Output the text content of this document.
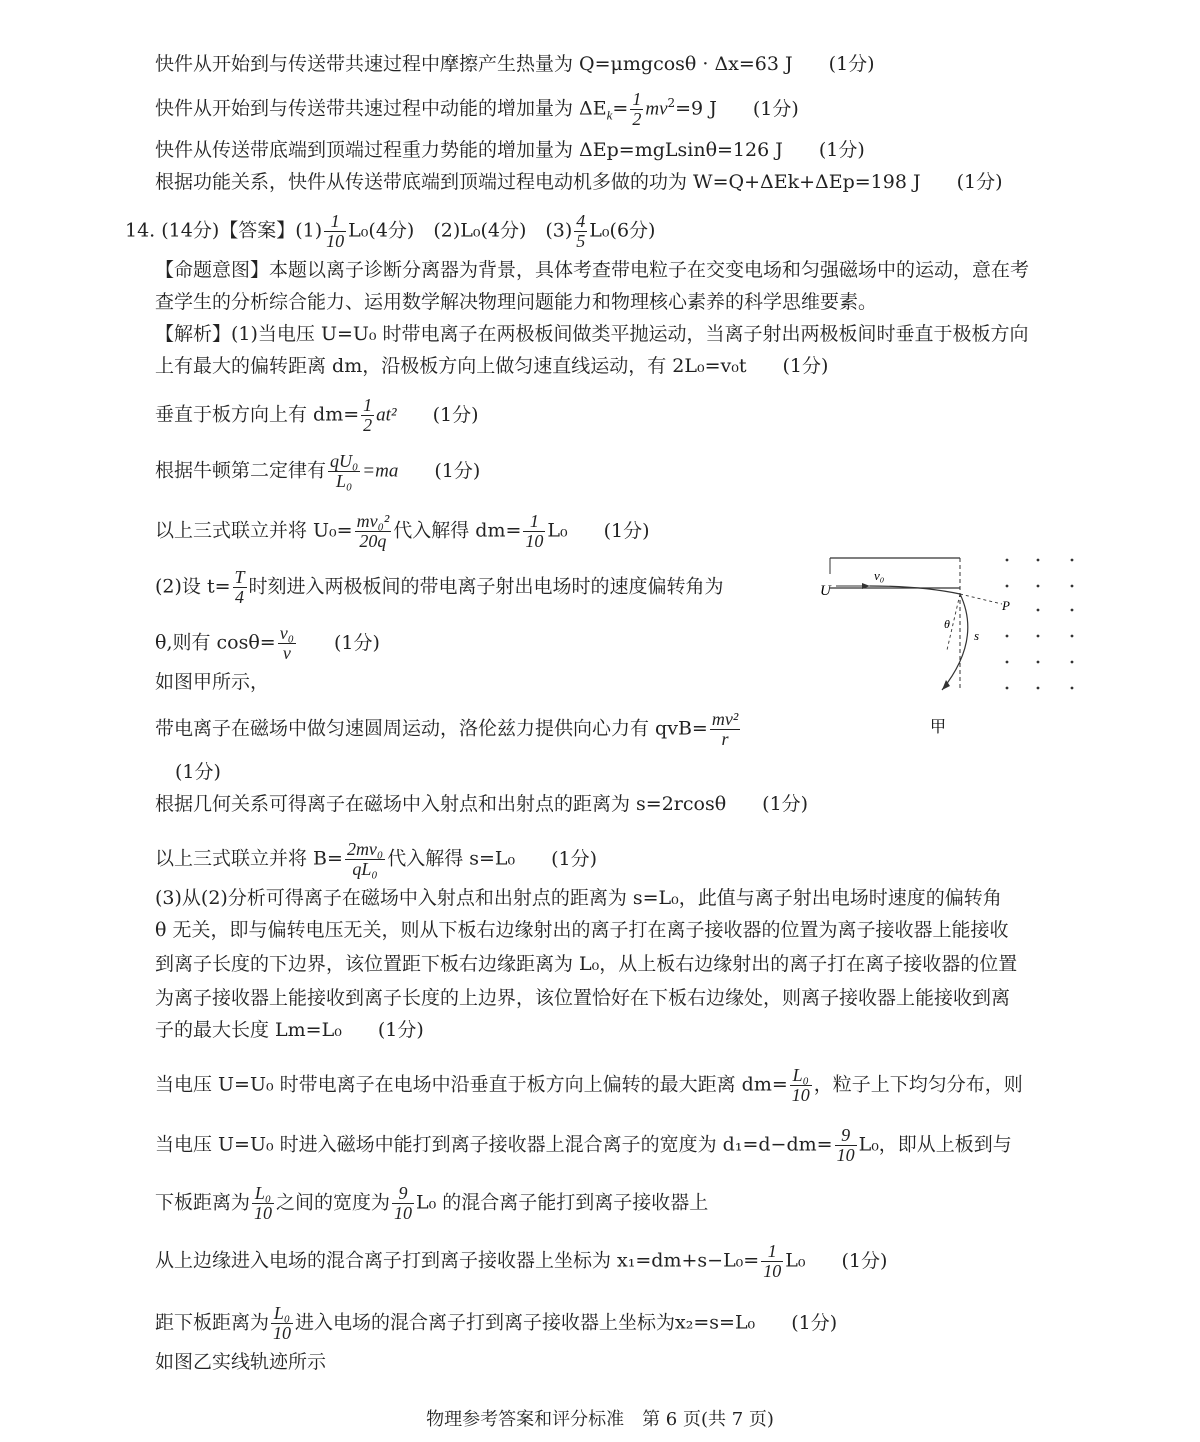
快件从开始到与传送带共速过程中摩擦产生热量为 Q=μmgcosθ · Δx=63 J (1分)
快件从开始到与传送带共速过程中动能的增加量为 $\Delta E_k= \frac{1}{2} mv^2=9$ J (1分)
快件从传送带底端到顶端过程重力势能的增加量为 ΔEp=mgLsinθ=126 J (1分)
根据功能关系，快件从传送带底端到顶端过程电动机多做的功为 W=Q+ΔEk+ΔEp=198 J (1分)
14. (14分)【答案】$(1) \frac{1}{10} L_0(4$分)　(2)L₀(4分)　$(3) \frac{4}{5} L_0(6$分)
【命题意图】本题以离子诊断分离器为背景，具体考查带电粒子在交变电场和匀强磁场中的运动，意在考
查学生的分析综合能力、运用数学解决物理问题能力和物理核心素养的科学思维要素。
【解析】(1)当电压 U=U₀ 时带电离子在两极板间做类平抛运动，当离子射出两极板间时垂直于极板方向
上有最大的偏转距离 dm，沿极板方向上做匀速直线运动，有 2L₀=v₀t (1分)
垂直于板方向上有 $dm= \frac{1}{2} at^2$ (1分)
根据牛顿第二定律有 $\frac{\text{qU₀}}{\text{L₀}} =ma$ (1分)
以上三式联立并将 $U_0= \frac{\text{mv₀²}}{20q}$ 代入解得 $dm= \frac{1}{10} L_0$ (1分)
(2)设 $t= \frac{T}{4}$ 时刻进入两极板间的带电离子射出电场时的速度偏转角为
θ,则有 $\cos\theta= \frac{\text{v₀}}{v} (1$分)
如图甲所示，
带电离子在磁场中做匀速圆周运动，洛伦兹力提供向心力有 $qvB= \frac{\text{mv²}}{r}$
(1分)
根据几何关系可得离子在磁场中入射点和出射点的距离为 s=2rcosθ (1分)
以上三式联立并将 $B= \frac{\text{2mv₀}}{\text{qL₀}}$ 代入解得 s=L₀ (1分)
(3)从(2)分析可得离子在磁场中入射点和出射点的距离为 s=L₀，此值与离子射出电场时速度的偏转角
θ 无关，即与偏转电压无关，则从下板右边缘射出的离子打在离子接收器的位置为离子接收器上能接收
到离子长度的下边界，该位置距下板右边缘距离为 L₀，从上板右边缘射出的离子打在离子接收器的位置
为离子接收器上能接收到离子长度的上边界，该位置恰好在下板右边缘处，则离子接收器上能接收到离
子的最大长度 Lm=L₀ (1分)
当电压 U=U₀ 时带电离子在电场中沿垂直于板方向上偏转的最大距离 $dm= \frac{\text{L₀}}{10}$ ，粒子上下均匀分布，则
当电压 U=U₀ 时进入磁场中能打到离子接收器上混合离子的宽度为 $d_1=d-dm= \frac{9}{10} L_0$，即从上板到与
下板距离为 $\frac{\text{L₀}}{10}$ 之间的宽度为 $\frac{9}{10} L_0$ 的混合离子能打到离子接收器上
从上边缘进入电场的混合离子打到离子接收器上坐标为 $x_1=dm+s-L_0= \frac{1}{10} L_0$ (1分)
距下板距离为 $\frac{\text{L₀}}{10}$ 进入电场的混合离子打到离子接收器上坐标为x₂=s=L₀ (1分)
如图乙实线轨迹所示
U
v₀
P
θ
s
甲
物理参考答案和评分标准　第 6 页(共 7 页)
